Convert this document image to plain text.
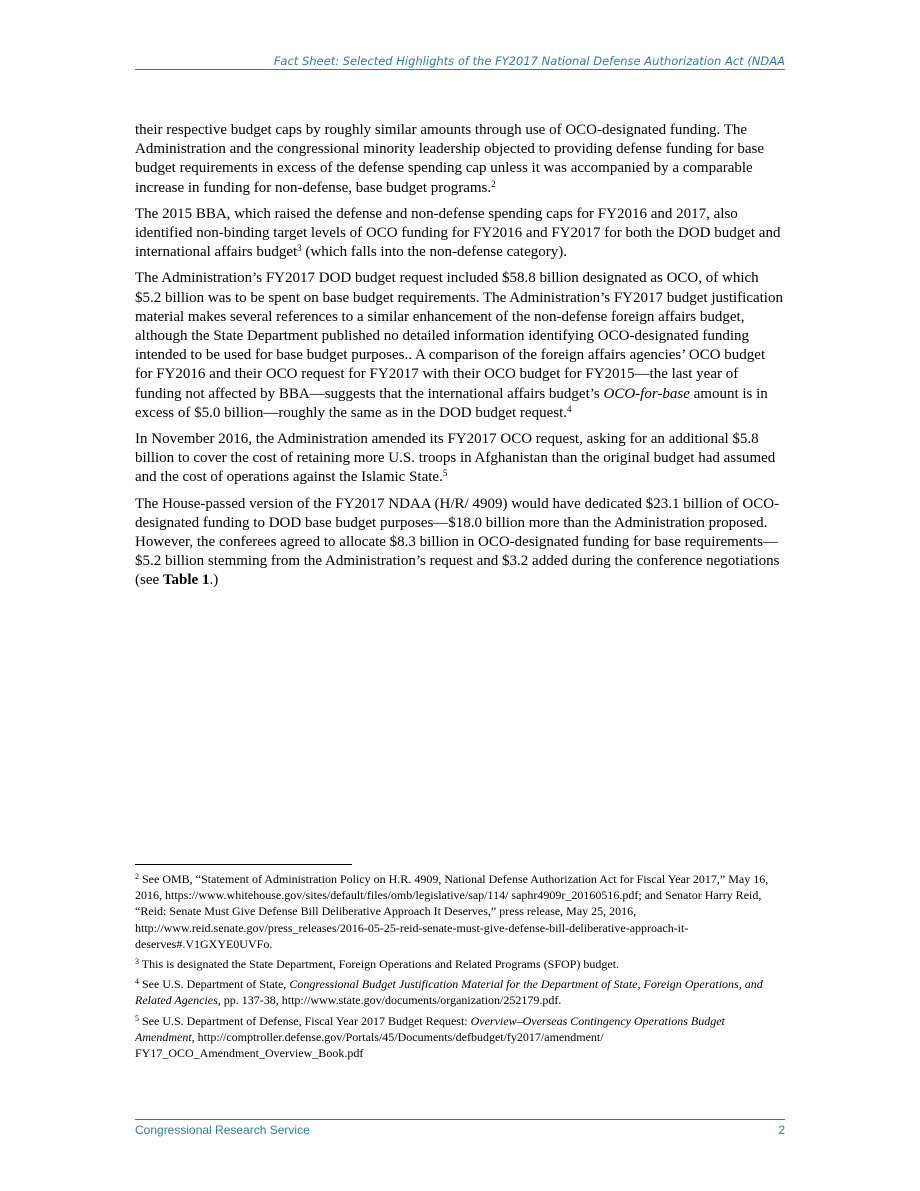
Fact Sheet: Selected Highlights of the FY2017 National Defense Authorization Act (NDAA

their respective budget caps by roughly similar amounts through use of OCO-designated funding. The Administration and the congressional minority leadership objected to providing defense funding for base budget requirements in excess of the defense spending cap unless it was accompanied by a comparable increase in funding for non-defense, base budget programs.$^2$

The 2015 BBA, which raised the defense and non-defense spending caps for FY2016 and 2017, also identified non-binding target levels of OCO funding for FY2016 and FY2017 for both the DOD budget and international affairs budget$^3$ (which falls into the non-defense category).

The Administration’s FY2017 DOD budget request included $58.8 billion designated as OCO, of which $5.2 billion was to be spent on base budget requirements. The Administration’s FY2017 budget justification material makes several references to a similar enhancement of the non-defense foreign affairs budget, although the State Department published no detailed information identifying OCO-designated funding intended to be used for base budget purposes.. A comparison of the foreign affairs agencies’ OCO budget for FY2016 and their OCO request for FY2017 with their OCO budget for FY2015—the last year of funding not affected by BBA—suggests that the international affairs budget’s OCO-for-base amount is in excess of $5.0 billion—roughly the same as in the DOD budget request.$^4$

In November 2016, the Administration amended its FY2017 OCO request, asking for an additional $5.8 billion to cover the cost of retaining more U.S. troops in Afghanistan than the original budget had assumed and the cost of operations against the Islamic State.$^5$

The House-passed version of the FY2017 NDAA (H/R/ 4909) would have dedicated $23.1 billion of OCO-designated funding to DOD base budget purposes—$18.0 billion more than the Administration proposed. However, the conferees agreed to allocate $8.3 billion in OCO-designated funding for base requirements—$5.2 billion stemming from the Administration’s request and $3.2 added during the conference negotiations (see Table 1.)

$^2$ See OMB, “Statement of Administration Policy on H.R. 4909, National Defense Authorization Act for Fiscal Year 2017,” May 16, 2016, https://www.whitehouse.gov/sites/default/files/omb/legislative/sap/114/ saphr4909r_20160516.pdf; and Senator Harry Reid, “Reid: Senate Must Give Defense Bill Deliberative Approach It Deserves,” press release, May 25, 2016, http://www.reid.senate.gov/press_releases/2016-05-25-reid-senate-must-give-defense-bill-deliberative-approach-it-deserves#.V1GXYE0UVFo.

$^3$ This is designated the State Department, Foreign Operations and Related Programs (SFOP) budget.

$^4$ See U.S. Department of State, Congressional Budget Justification Material for the Department of State, Foreign Operations, and Related Agencies, pp. 137-38, http://www.state.gov/documents/organization/252179.pdf.

$^5$ See U.S. Department of Defense, Fiscal Year 2017 Budget Request: Overview–Overseas Contingency Operations Budget Amendment, http://comptroller.defense.gov/Portals/45/Documents/defbudget/fy2017/amendment/ FY17_OCO_Amendment_Overview_Book.pdf

Congressional Research Service	2
